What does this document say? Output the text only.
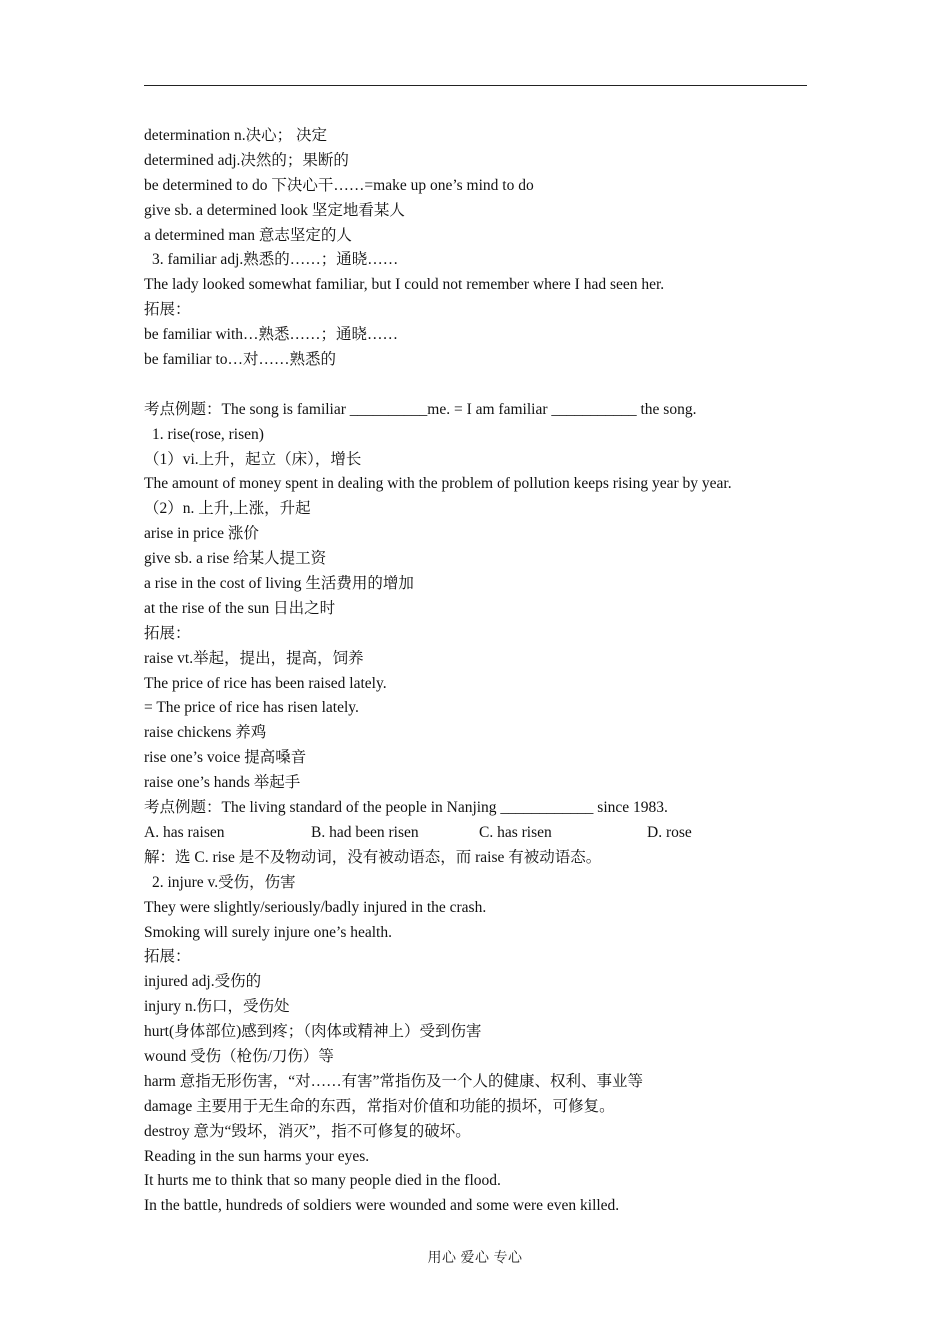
determination n.决心； 决定
determined adj.决然的；果断的
be determined to do 下决心干……=make up one’s mind to do
give sb. a determined look 坚定地看某人
a determined man 意志坚定的人
3. familiar adj.熟悉的……；通晓……
The lady looked somewhat familiar, but I could not remember where I had seen her.
拓展：
be familiar with…熟悉……；通晓……
be familiar to…对……熟悉的
考点例题：The song is familiar __________me. = I am familiar ___________ the song.
1. rise(rose, risen)
（1）vi.上升，起立（床），增长
The amount of money spent in dealing with the problem of pollution keeps rising year by year.
（2）n. 上升,上涨，升起
arise in price 涨价
give sb. a rise 给某人提工资
a rise in the cost of living 生活费用的增加
at the rise of the sun 日出之时
拓展：
raise vt.举起，提出，提高，饲养
The price of rice has been raised lately.
= The price of rice has risen lately.
raise chickens 养鸡
rise one’s voice 提高嗓音
raise one’s hands 举起手
考点例题：The living standard of the people in Nanjing ____________ since 1983.
A. has raisen	B. had been risen	C. has risen	D. rose
解：选 C. rise 是不及物动词，没有被动语态，而 raise 有被动语态。
2. injure v.受伤，伤害
They were slightly/seriously/badly injured in the crash.
Smoking will surely injure one’s health.
拓展：
injured adj.受伤的
injury n.伤口，受伤处
hurt(身体部位)感到疼；（肉体或精神上）受到伤害
wound 受伤（枪伤/刀伤）等
harm 意指无形伤害，“对……有害”常指伤及一个人的健康、权利、事业等
damage 主要用于无生命的东西，常指对价值和功能的损坏，可修复。
destroy 意为“毁坏，消灭”，指不可修复的破坏。
Reading in the sun harms your eyes.
It hurts me to think that so many people died in the flood.
In the battle, hundreds of soldiers were wounded and some were even killed.
用心 爱心 专心
